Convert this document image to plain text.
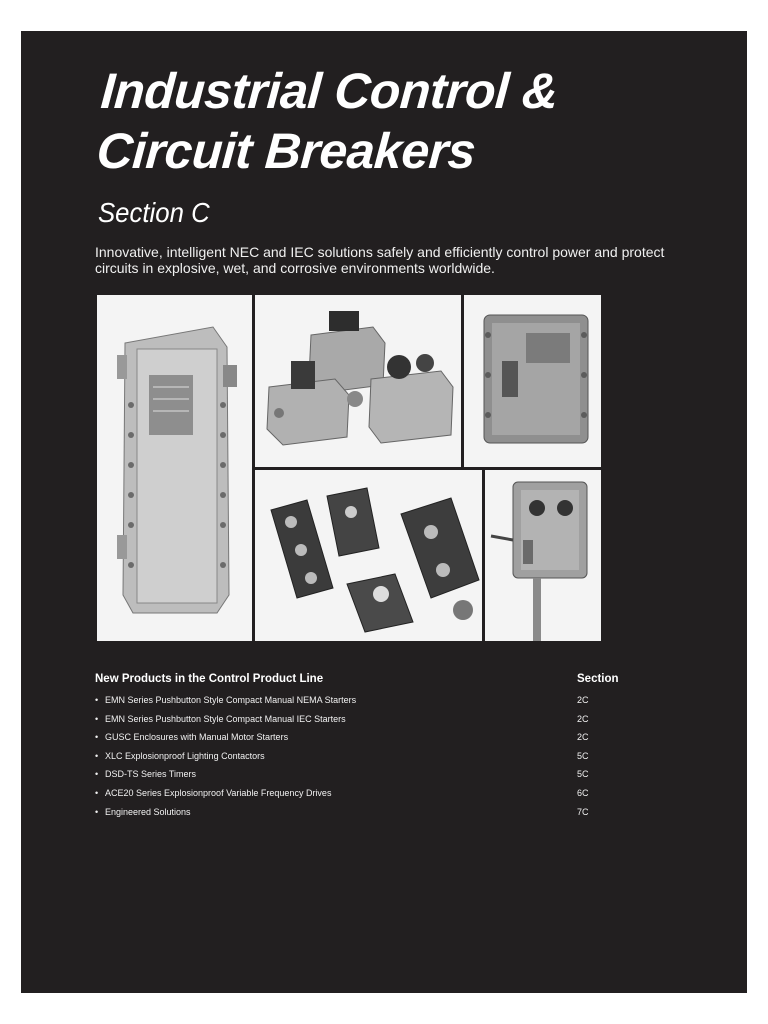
Industrial Control &
Circuit Breakers
Section C
Innovative, intelligent NEC and IEC solutions safely and efficiently control power and protect circuits in explosive, wet, and corrosive environments worldwide.
New Products in the Control Product Line	Section
• EMN Series Pushbutton Style Compact Manual NEMA Starters	2C
• EMN Series Pushbutton Style Compact Manual IEC Starters	2C
• GUSC Enclosures with Manual Motor Starters	2C
• XLC Explosionproof Lighting Contactors	5C
• DSD-TS Series Timers	5C
• ACE20 Series Explosionproof Variable Frequency Drives	6C
• Engineered Solutions	7C
